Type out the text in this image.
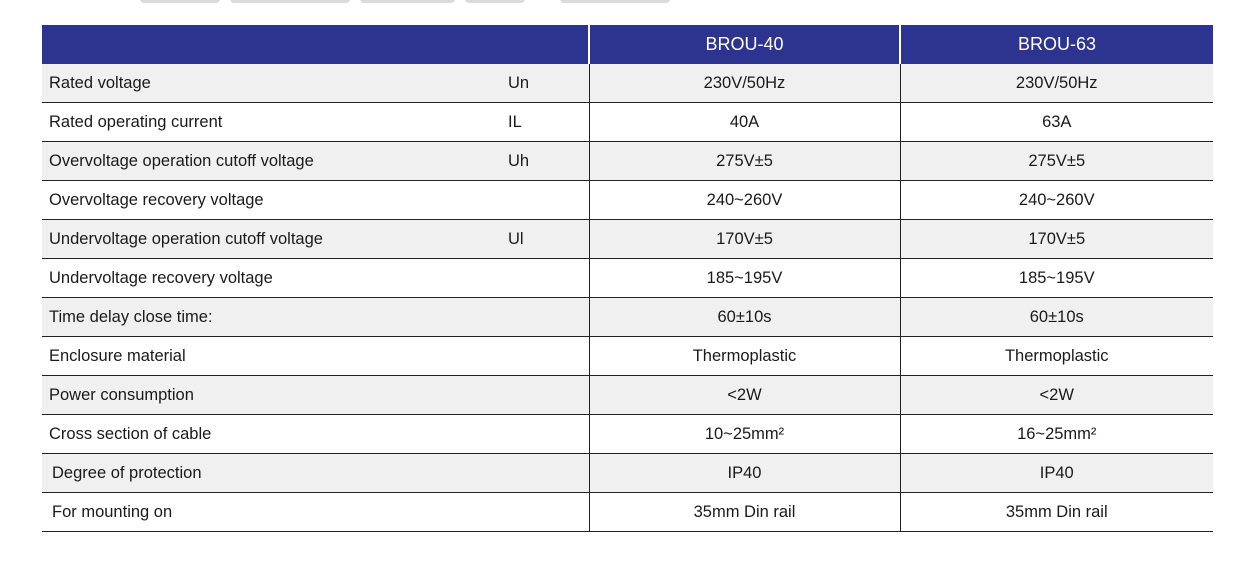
		BROU-40	BROU-63
Rated voltage	Un	230V/50Hz	230V/50Hz
Rated operating current	IL	40A	63A
Overvoltage operation cutoff voltage	Uh	275V±5	275V±5
Overvoltage recovery voltage		240~260V	240~260V
Undervoltage operation cutoff voltage	Ul	170V±5	170V±5
Undervoltage recovery voltage		185~195V	185~195V
Time delay close time:		60±10s	60±10s
Enclosure material		Thermoplastic	Thermoplastic
Power consumption		<2W	<2W
Cross section of cable		10~25mm²	16~25mm²
Degree of protection		IP40	IP40
For mounting on		35mm Din rail	35mm Din rail
